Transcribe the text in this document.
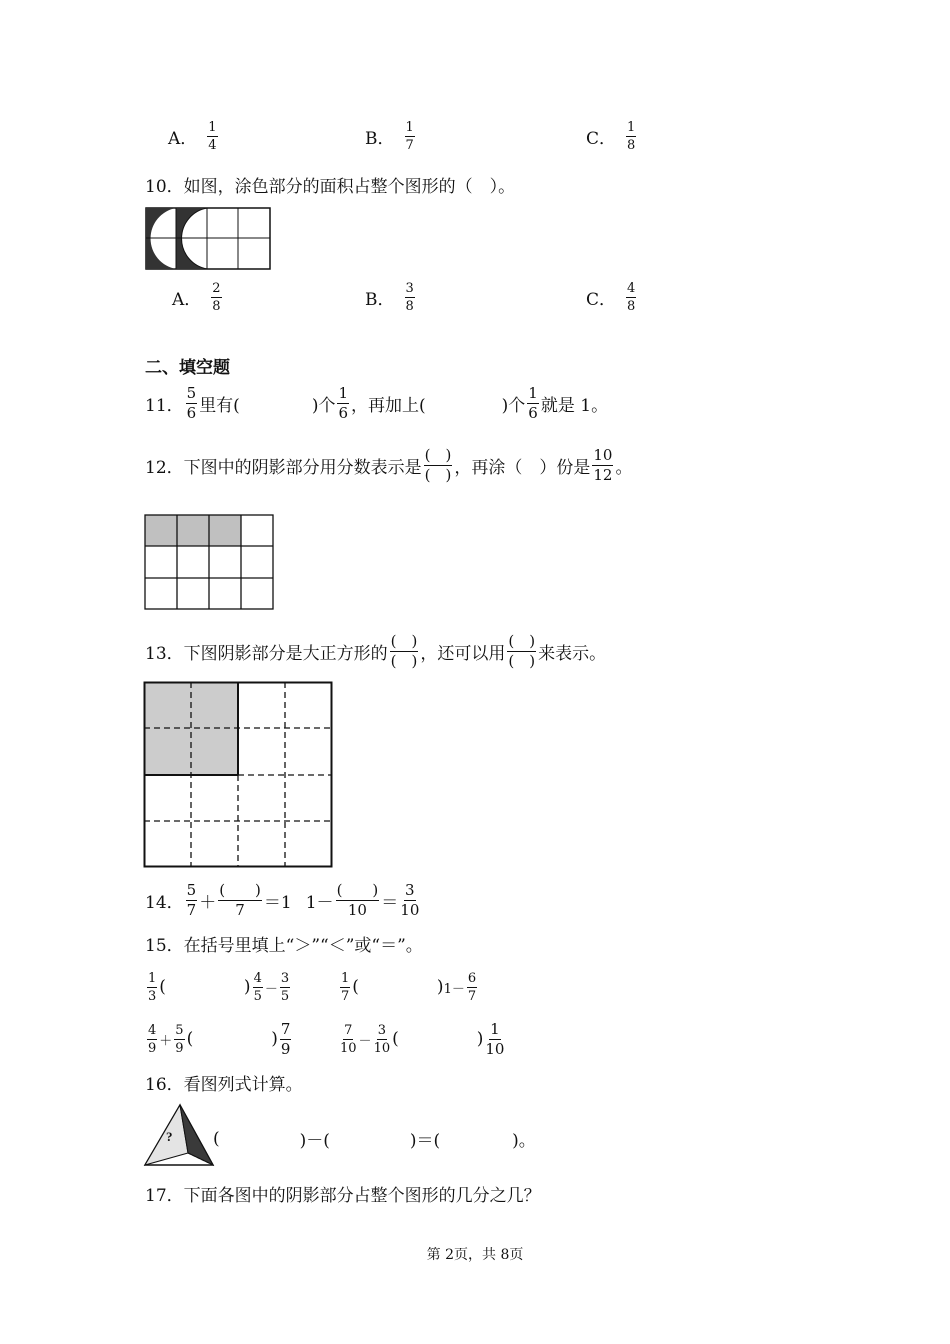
A． $\frac{1}{4}$	B． $\frac{1}{7}$	C． $\frac{1}{8}$
10．如图，涂色部分的面积占整个图形的（　）。
A． $\frac{2}{8}$	B． $\frac{3}{8}$	C． $\frac{4}{8}$
二、填空题
11． $\frac{5}{6}$ 里有(	)个 $\frac{1}{6}$ ，再加上(	)个 $\frac{1}{6}$ 就是 1。
12．下图中的阴影部分用分数表示是 $\frac{( )}{( )}$ ，再涂（　）份是 $\frac{10}{12}$ 。
13．下图阴影部分是大正方形的 $\frac{( )}{( )}$ ，还可以用 $\frac{( )}{( )}$ 来表示。
14． $\frac{5}{7} + \frac{( )}{7} =1$ $1- \frac{( )}{10} = \frac{3}{10}$
15．在括号里填上“＞”“＜”或“＝”。
$\frac{1}{3}$ (	) $\frac{4}{5} - \frac{3}{5}$	$\frac{1}{7}$ (	) $1- \frac{6}{7}$
$\frac{4}{9} + \frac{5}{9}$ (	) $\frac{7}{9}$	$\frac{7}{10} - \frac{3}{10}$ (	) $\frac{1}{10}$
16．看图列式计算。
? (	)－(	)＝(	)。
17．下面各图中的阴影部分占整个图形的几分之几？
第 2页，共 8页
